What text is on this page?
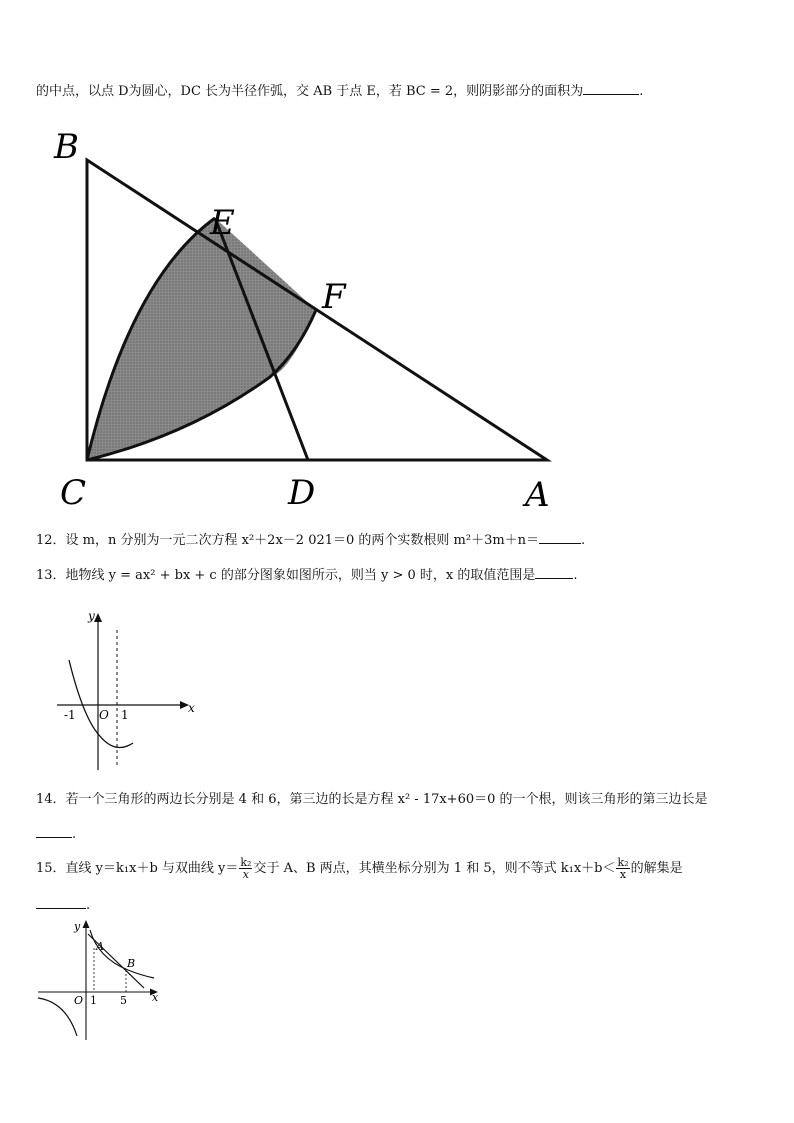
的中点，以点 D为圆心，DC 长为半径作弧，交 AB 于点 E，若 BC = 2，则阴影部分的面积为	.
B
E
F
C	D	A
12．设 m，n 分别为一元二次方程 x²＋2x－2 021＝0 的两个实数根则 m²＋3m＋n＝	.
13．地物线 y = ax² + bx + c 的部分图象如图所示，则当 y > 0 时，x 的取值范围是	.
y
x
O
-1	1
14．若一个三角形的两边长分别是 4 和 6，第三边的长是方程 x² - 17x+60＝0 的一个根，则该三角形的第三边长是
.
15．直线 y＝k₁x＋b 与双曲线 $y= \frac{\text{k₂}}{x}$ 交于 A、B 两点，其横坐标分别为 1 和 5，则不等式 $k_1x+b< \frac{\text{k₂}}{x}$ 的解集是
.
y
x
O
A
B
1 5
